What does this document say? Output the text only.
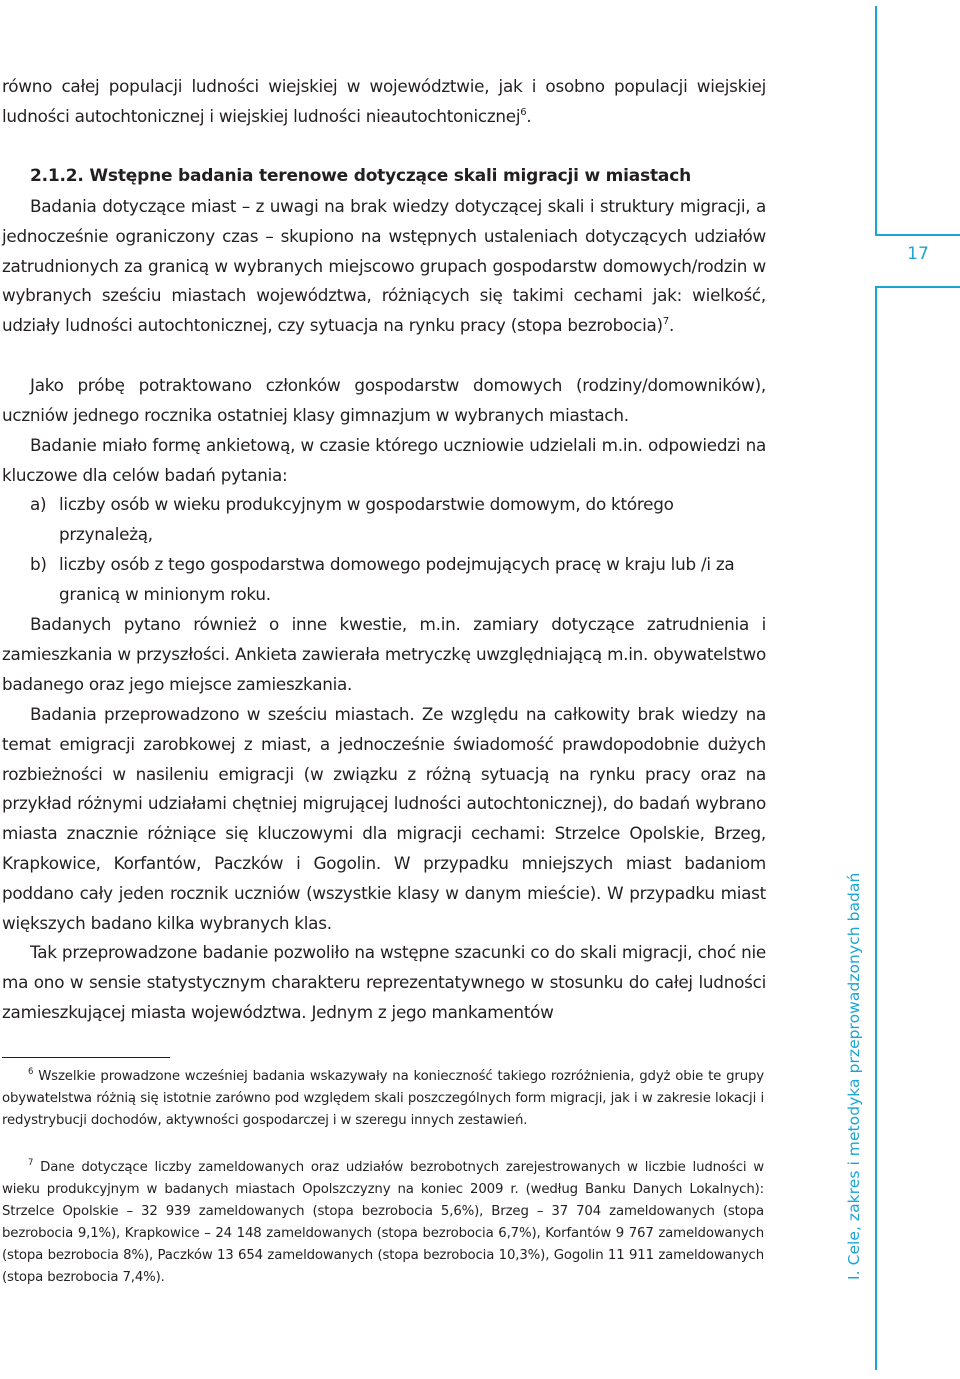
równo całej populacji ludności wiejskiej w województwie, jak i osobno populacji wiejskiej ludności autochtonicznej i wiejskiej ludności nieautochtonicznej$^6$.

2.1.2. Wstępne badania terenowe dotyczące skali migracji w miastach

Badania dotyczące miast – z uwagi na brak wiedzy dotyczącej skali i struktury migracji, a jednocześnie ograniczony czas – skupiono na wstępnych ustaleniach dotyczących udziałów zatrudnionych za granicą w wybranych miejscowo grupach gospodarstw domowych/rodzin w wybranych sześciu miastach województwa, różniących się takimi cechami jak: wielkość, udziały ludności autochtonicznej, czy sytuacja na rynku pracy (stopa bezrobocia)$^7$.

Jako próbę potraktowano członków gospodarstw domowych (rodziny/domowników), uczniów jednego rocznika ostatniej klasy gimnazjum w wybranych miastach.

Badanie miało formę ankietową, w czasie którego uczniowie udzielali m.in. odpowiedzi na kluczowe dla celów badań pytania:

a) liczby osób w wieku produkcyjnym w gospodarstwie domowym, do którego przynależą,
b) liczby osób z tego gospodarstwa domowego podejmujących pracę w kraju lub /i za granicą w minionym roku.

Badanych pytano również o inne kwestie, m.in. zamiary dotyczące zatrudnienia i zamieszkania w przyszłości. Ankieta zawierała metryczkę uwzględniającą m.in. obywatelstwo badanego oraz jego miejsce zamieszkania.

Badania przeprowadzono w sześciu miastach. Ze względu na całkowity brak wiedzy na temat emigracji zarobkowej z miast, a jednocześnie świadomość prawdopodobnie dużych rozbieżności w nasileniu emigracji (w związku z różną sytuacją na rynku pracy oraz na przykład różnymi udziałami chętniej migrującej ludności autochtonicznej), do badań wybrano miasta znacznie różniące się kluczowymi dla migracji cechami: Strzelce Opolskie, Brzeg, Krapkowice, Korfantów, Paczków i Gogolin. W przypadku mniejszych miast badaniom poddano cały jeden rocznik uczniów (wszystkie klasy w danym mieście). W przypadku miast większych badano kilka wybranych klas.

Tak przeprowadzone badanie pozwoliło na wstępne szacunki co do skali migracji, choć nie ma ono w sensie statystycznym charakteru reprezentatywnego w stosunku do całej ludności zamieszkującej miasta województwa. Jednym z jego mankamentów

$^6$ Wszelkie prowadzone wcześniej badania wskazywały na konieczność takiego rozróżnienia, gdyż obie te grupy obywatelstwa różnią się istotnie zarówno pod względem skali poszczególnych form migracji, jak i w zakresie lokacji i redystrybucji dochodów, aktywności gospodarczej i w szeregu innych zestawień.

$^7$ Dane dotyczące liczby zameldowanych oraz udziałów bezrobotnych zarejestrowanych w liczbie ludności w wieku produkcyjnym w badanych miastach Opolszczyzny na koniec 2009 r. (według Banku Danych Lokalnych): Strzelce Opolskie – 32 939 zameldowanych (stopa bezrobocia 5,6%), Brzeg – 37 704 zameldowanych (stopa bezrobocia 9,1%), Krapkowice – 24 148 zameldowanych (stopa bezrobocia 6,7%), Korfantów 9 767 zameldowanych (stopa bezrobocia 8%), Paczków 13 654 zameldowanych (stopa bezrobocia 10,3%), Gogolin 11 911 zameldowanych (stopa bezrobocia 7,4%).

17
I. Cele, zakres i metodyka przeprowadzonych badań
